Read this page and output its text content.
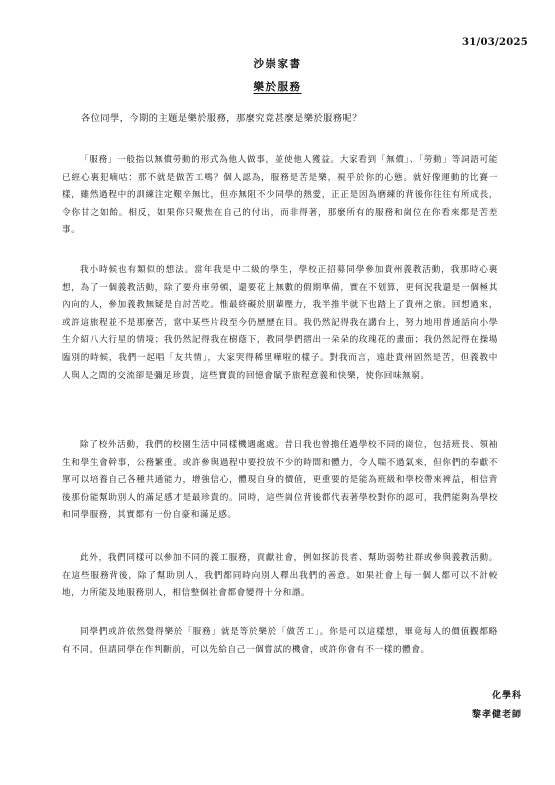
31/03/2025
沙崇家書
樂於服務
各位同學，今期的主題是樂於服務，那麼究竟甚麼是樂於服務呢？
「服務」一般指以無償勞動的形式為他人做事，並使他人獲益。大家看到「無償」、「勞動」等詞語可能已經心裏犯嘀咕：那不就是做苦工嗎？個人認為，服務是苦是樂，視乎於你的心態。就好像運動的比賽一樣，雖然過程中的訓練注定艱辛無比，但亦無阻不少同學的熱愛，正正是因為磨練的背後你往往有所成長，令你甘之如飴。相反，如果你只聚焦在自己的付出，而非得著，那麼所有的服務和崗位在你看來都是苦差事。
我小時候也有類似的想法。當年我是中二級的學生，學校正招募同學參加貴州義教活動，我那時心裏想，為了一個義教活動，除了要舟車勞頓，還要花上無數的假期準備，實在不划算，更何況我還是一個極其內向的人，參加義教無疑是自討苦吃。惟最終礙於朋輩壓力，我半推半就下也踏上了貴州之旅。回想過來，或許這旅程並不是那麼苦，當中某些片段至今仍歷歷在目。我仍然記得我在講台上，努力地用普通話向小學生介紹八大行星的情境；我仍然記得我在樹蔭下，教同學們摺出一朵朵的玫瑰花的畫面；我仍然記得在操場臨別的時候，我們一起唱「友共情」，大家哭得稀里嘩啦的樣子。對我而言，遠赴貴州固然是苦，但義教中人與人之間的交流卻是彌足珍貴，這些寶貴的回憶會賦予旅程意義和快樂，使你回味無窮。
除了校外活動，我們的校園生活中同樣機遇處處。昔日我也曾擔任過學校不同的崗位，包括班長、領袖生和學生會幹事，公務繁重。或許參與過程中要投放不少的時間和體力，令人喘不過氣來，但你們的奉獻不單可以培養自己各種共通能力，增強信心，體現自身的價值，更重要的是能為班級和學校帶來裨益，相信背後那份能幫助別人的滿足感才是最珍貴的。同時，這些崗位背後都代表著學校對你的認可，我們能夠為學校和同學服務，其實都有一份自豪和滿足感。
此外，我們同樣可以參加不同的義工服務，貢獻社會，例如探訪長者、幫助弱勢社群或參與義教活動。在這些服務背後，除了幫助別人，我們都同時向別人釋出我們的善意。如果社會上每一個人都可以不計較地，力所能及地服務別人，相信整個社會都會變得十分和諧。
同學們或許依然覺得樂於「服務」就是等於樂於「做苦工」。你是可以這樣想，畢竟每人的價值觀都略有不同，但請同學在作判斷前，可以先給自己一個嘗試的機會，或許你會有不一樣的體會。
化學科
黎孝健老師
